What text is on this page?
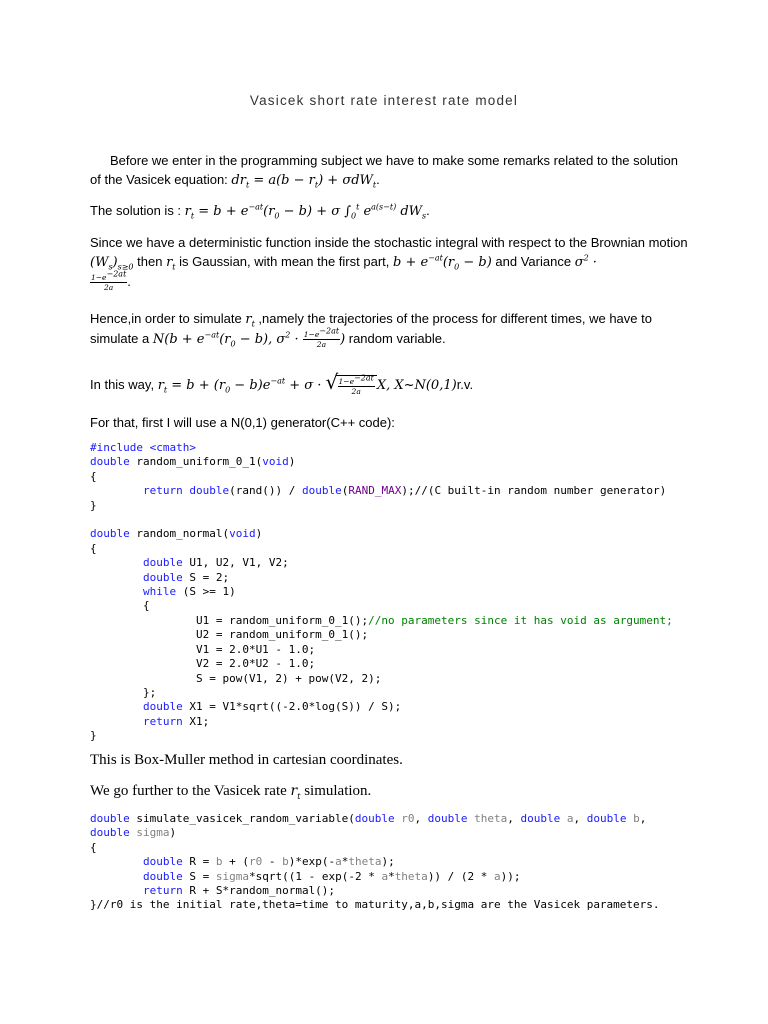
Vasicek short rate interest rate model
Before we enter in the programming subject we have to make some remarks related to the solution of the Vasicek equation: $dr_t = a(b - r_t) + \sigma dW_t$.
The solution is : $r_t = b + e^{-at}(r_0 - b) + \sigma$ $\int_0^t$ $e^{a(s-t)}$ $dW_s$.
Since we have a deterministic function inside the stochastic integral with respect to the Brownian motion $(W_s)_{s\ge 0}$ then $r_t$ is Gaussian, with mean the first part, $b + e^{-at}(r_0 - b)$ and Variance $\sigma^2$ ·

$\frac{1-e^{-2at}}{2a}$ .
Hence,in order to simulate $r_t$ ,namely the trajectories of the process for different times, we have to simulate a $N(b + e^{-at}(r_0 - b)$, $\sigma^2 \cdot \frac{1-e^{-2at}}{2a}$ ) random variable.
In this way, $r_t = b + (r_0 - b)e^{-at} + \sigma$ · √ $\frac{1-e^{-2at}}{2a} X$, X~N(0,1)r.v.
For that, first I will use a N(0,1) generator(C++ code):
#include <cmath>
double random_uniform_0_1(void)
{
return double(rand()) / double(RAND_MAX);//(C built-in random number generator)
}

double random_normal(void)
{
double U1, U2, V1, V2;
double S = 2;
while (S >= 1)
{
U1 = random_uniform_0_1();//no parameters since it has void as argument;
U2 = random_uniform_0_1();
V1 = 2.0*U1 - 1.0;
V2 = 2.0*U2 - 1.0;
S = pow(V1, 2) + pow(V2, 2);
};
double X1 = V1*sqrt((-2.0*log(S)) / S);
return X1;
}
This is Box-Muller method in cartesian coordinates.
We go further to the Vasicek rate $r_t$ simulation.
double simulate_vasicek_random_variable(double r0, double theta, double a, double b,
double sigma)
{
double R = b + (r0 - b)*exp(-a*theta);
double S = sigma*sqrt((1 - exp(-2 * a*theta)) / (2 * a));
return R + S*random_normal();
}//r0 is the initial rate,theta=time to maturity,a,b,sigma are the Vasicek parameters.
